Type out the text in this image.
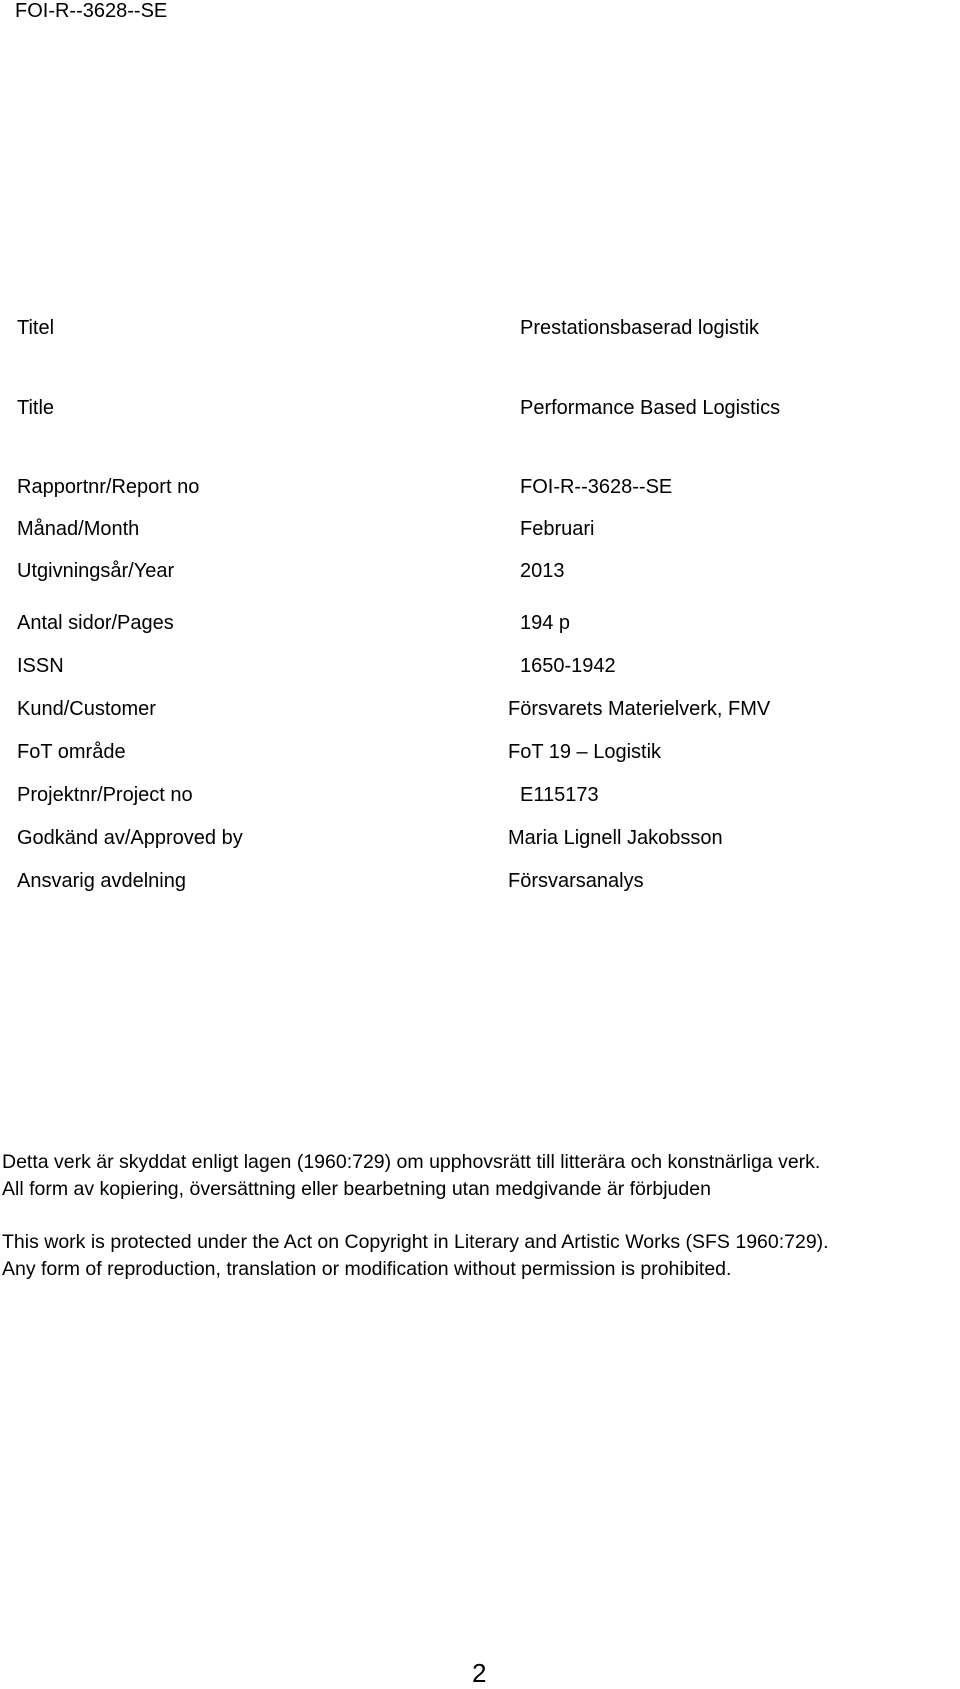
FOI-R--3628--SE
Titel	Prestationsbaserad logistik
Title	Performance Based Logistics
Rapportnr/Report no	FOI-R--3628--SE
Månad/Month	Februari
Utgivningsår/Year	2013
Antal sidor/Pages	194 p
ISSN	1650-1942
Kund/Customer	Försvarets Materielverk, FMV
FoT område	FoT 19 – Logistik
Projektnr/Project no	E115173
Godkänd av/Approved by	Maria Lignell Jakobsson
Ansvarig avdelning	Försvarsanalys
Detta verk är skyddat enligt lagen (1960:729) om upphovsrätt till litterära och konstnärliga verk.
All form av kopiering, översättning eller bearbetning utan medgivande är förbjuden
This work is protected under the Act on Copyright in Literary and Artistic Works (SFS 1960:729).
Any form of reproduction, translation or modification without permission is prohibited.
2
